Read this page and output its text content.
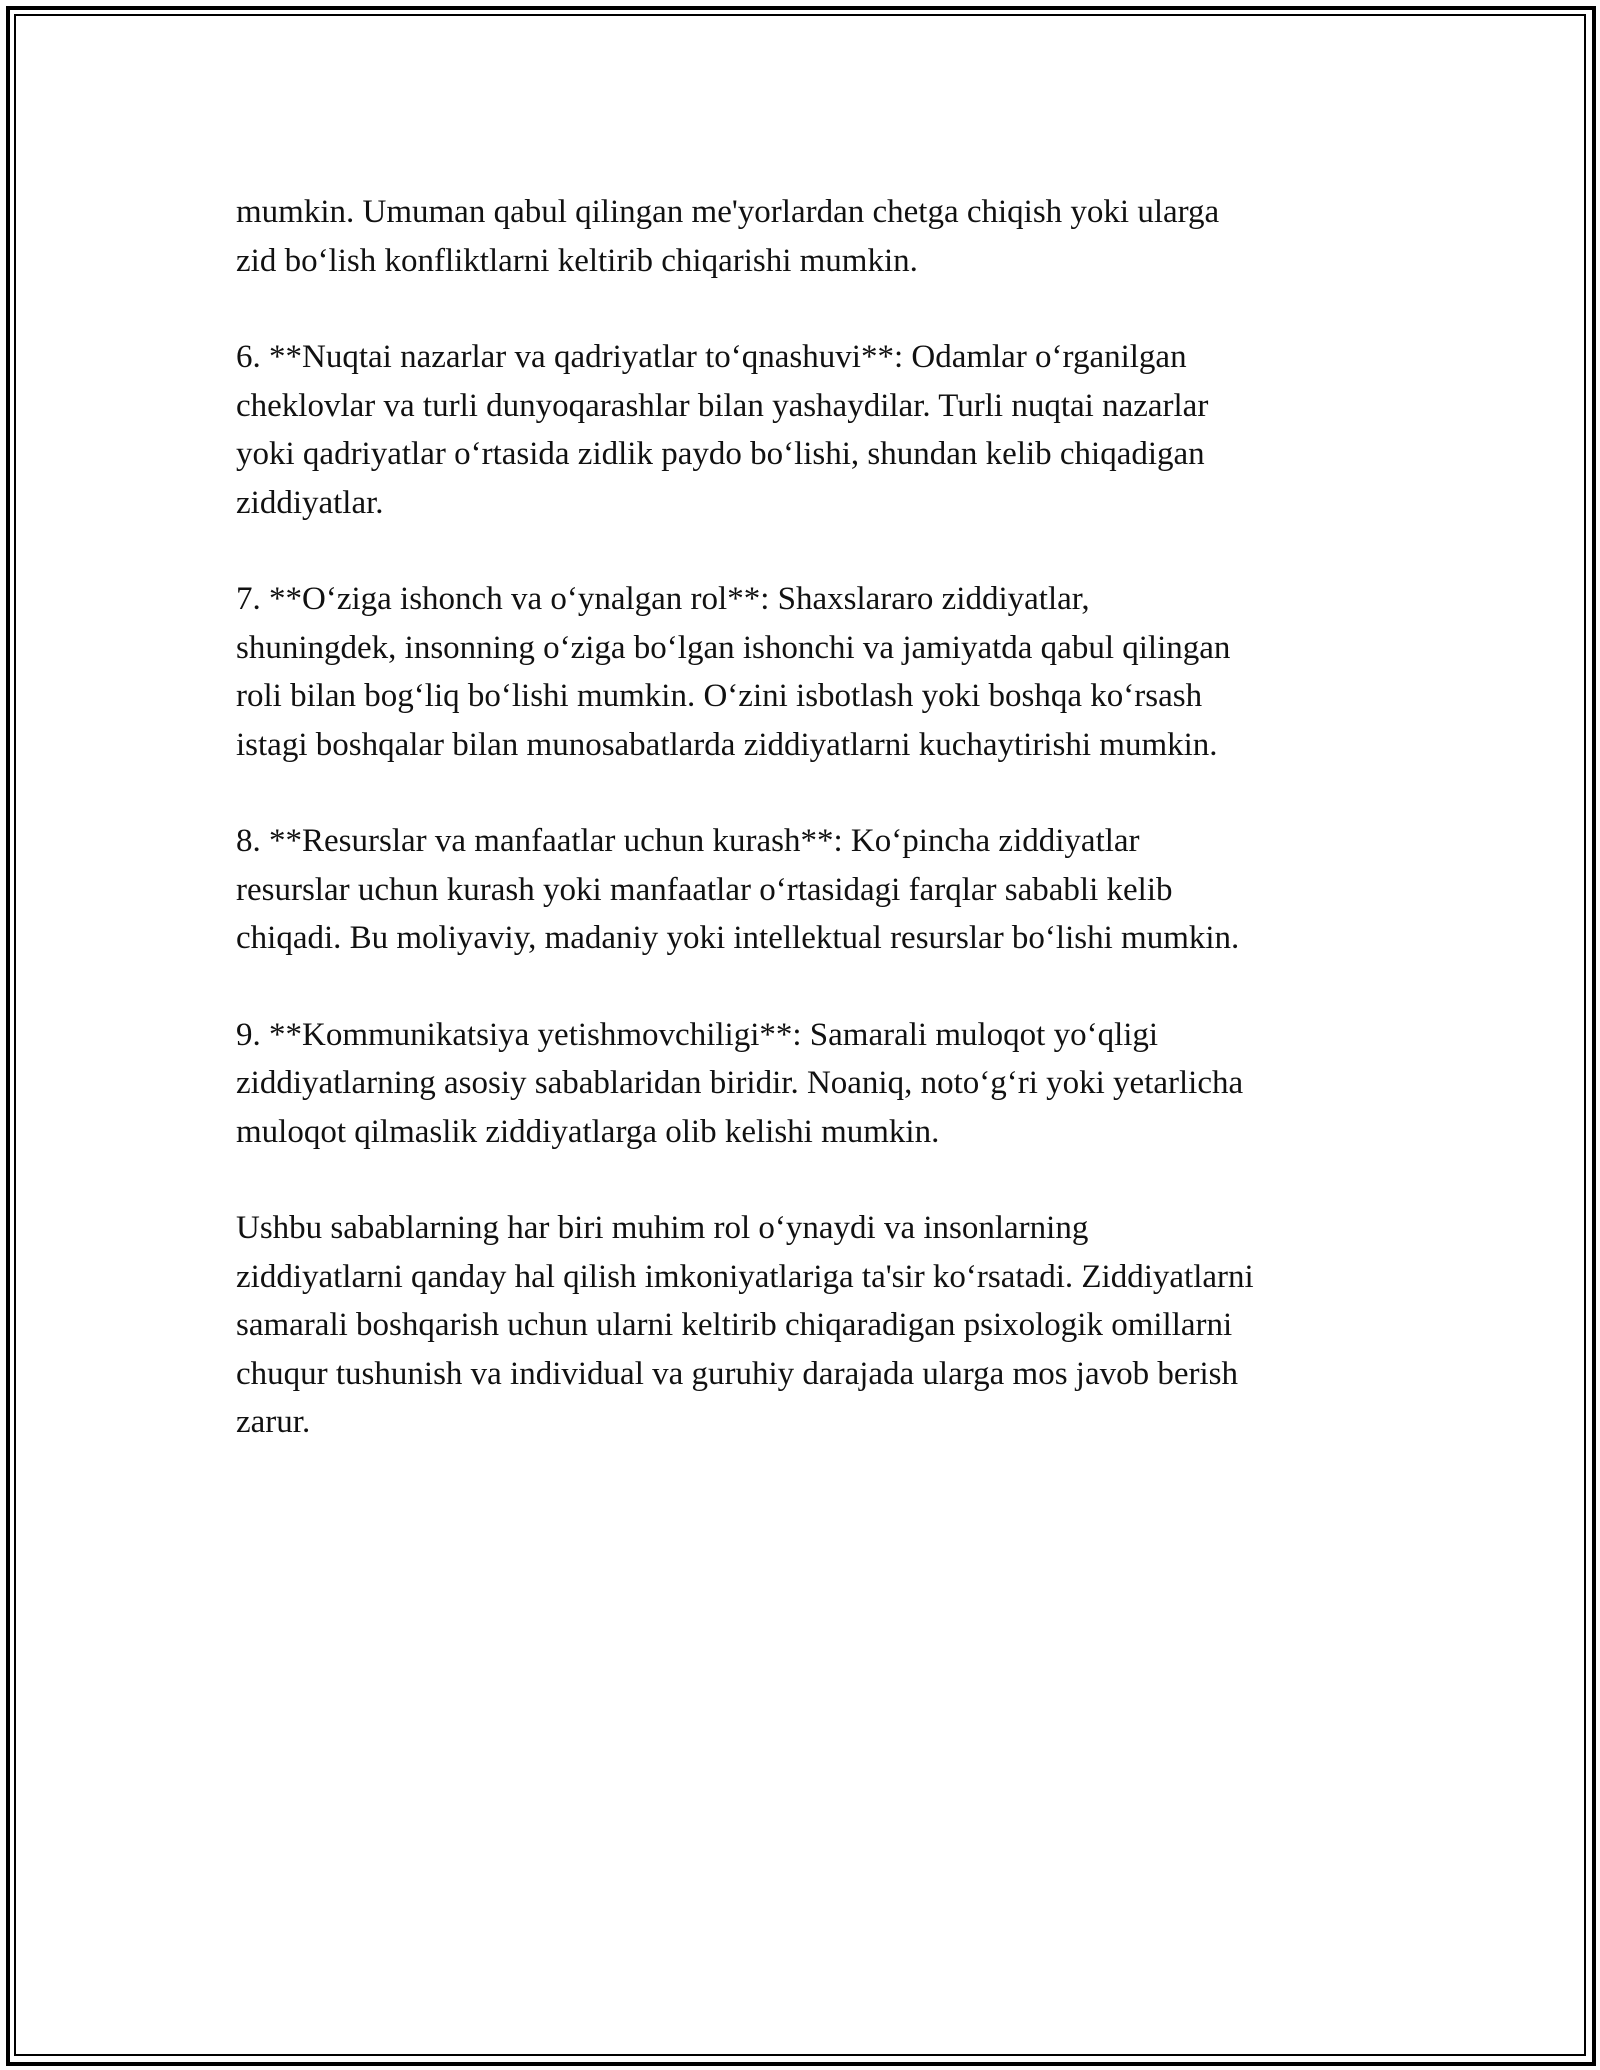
mumkin. Umuman qabul qilingan me'yorlardan chetga chiqish yoki ularga
zid bo‘lish konfliktlarni keltirib chiqarishi mumkin.

6. **Nuqtai nazarlar va qadriyatlar to‘qnashuvi**: Odamlar o‘rganilgan
cheklovlar va turli dunyoqarashlar bilan yashaydilar. Turli nuqtai nazarlar
yoki qadriyatlar o‘rtasida zidlik paydo bo‘lishi, shundan kelib chiqadigan
ziddiyatlar.

7. **O‘ziga ishonch va o‘ynalgan rol**: Shaxslararo ziddiyatlar,
shuningdek, insonning o‘ziga bo‘lgan ishonchi va jamiyatda qabul qilingan
roli bilan bog‘liq bo‘lishi mumkin. O‘zini isbotlash yoki boshqa ko‘rsash
istagi boshqalar bilan munosabatlarda ziddiyatlarni kuchaytirishi mumkin.

8. **Resurslar va manfaatlar uchun kurash**: Ko‘pincha ziddiyatlar
resurslar uchun kurash yoki manfaatlar o‘rtasidagi farqlar sababli kelib
chiqadi. Bu moliyaviy, madaniy yoki intellektual resurslar bo‘lishi mumkin.

9. **Kommunikatsiya yetishmovchiligi**: Samarali muloqot yo‘qligi
ziddiyatlarning asosiy sabablaridan biridir. Noaniq, noto‘g‘ri yoki yetarlicha
muloqot qilmaslik ziddiyatlarga olib kelishi mumkin.

Ushbu sabablarning har biri muhim rol o‘ynaydi va insonlarning
ziddiyatlarni qanday hal qilish imkoniyatlariga ta'sir ko‘rsatadi. Ziddiyatlarni
samarali boshqarish uchun ularni keltirib chiqaradigan psixologik omillarni
chuqur tushunish va individual va guruhiy darajada ularga mos javob berish
zarur.
